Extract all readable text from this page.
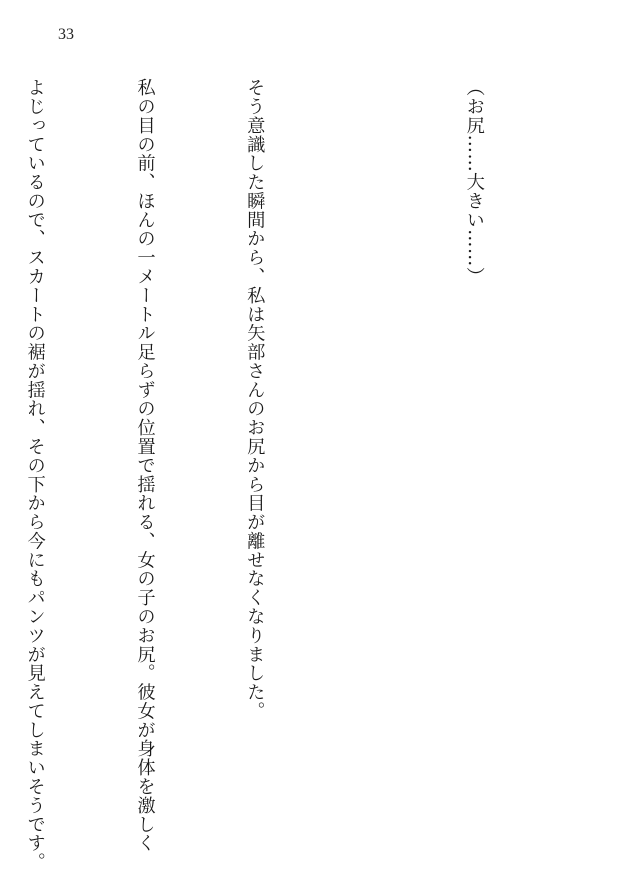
33

（お尻……大きい……）

そう意識した瞬間から、私は矢部さんのお尻から目が離せなくなりました。

私の目の前、ほんの一メートル足らずの位置で揺れる、女の子のお尻。彼女が身体を激しく

よじっているので、スカートの裾が揺れ、その下から今にもパンツが見えてしまいそうです。
